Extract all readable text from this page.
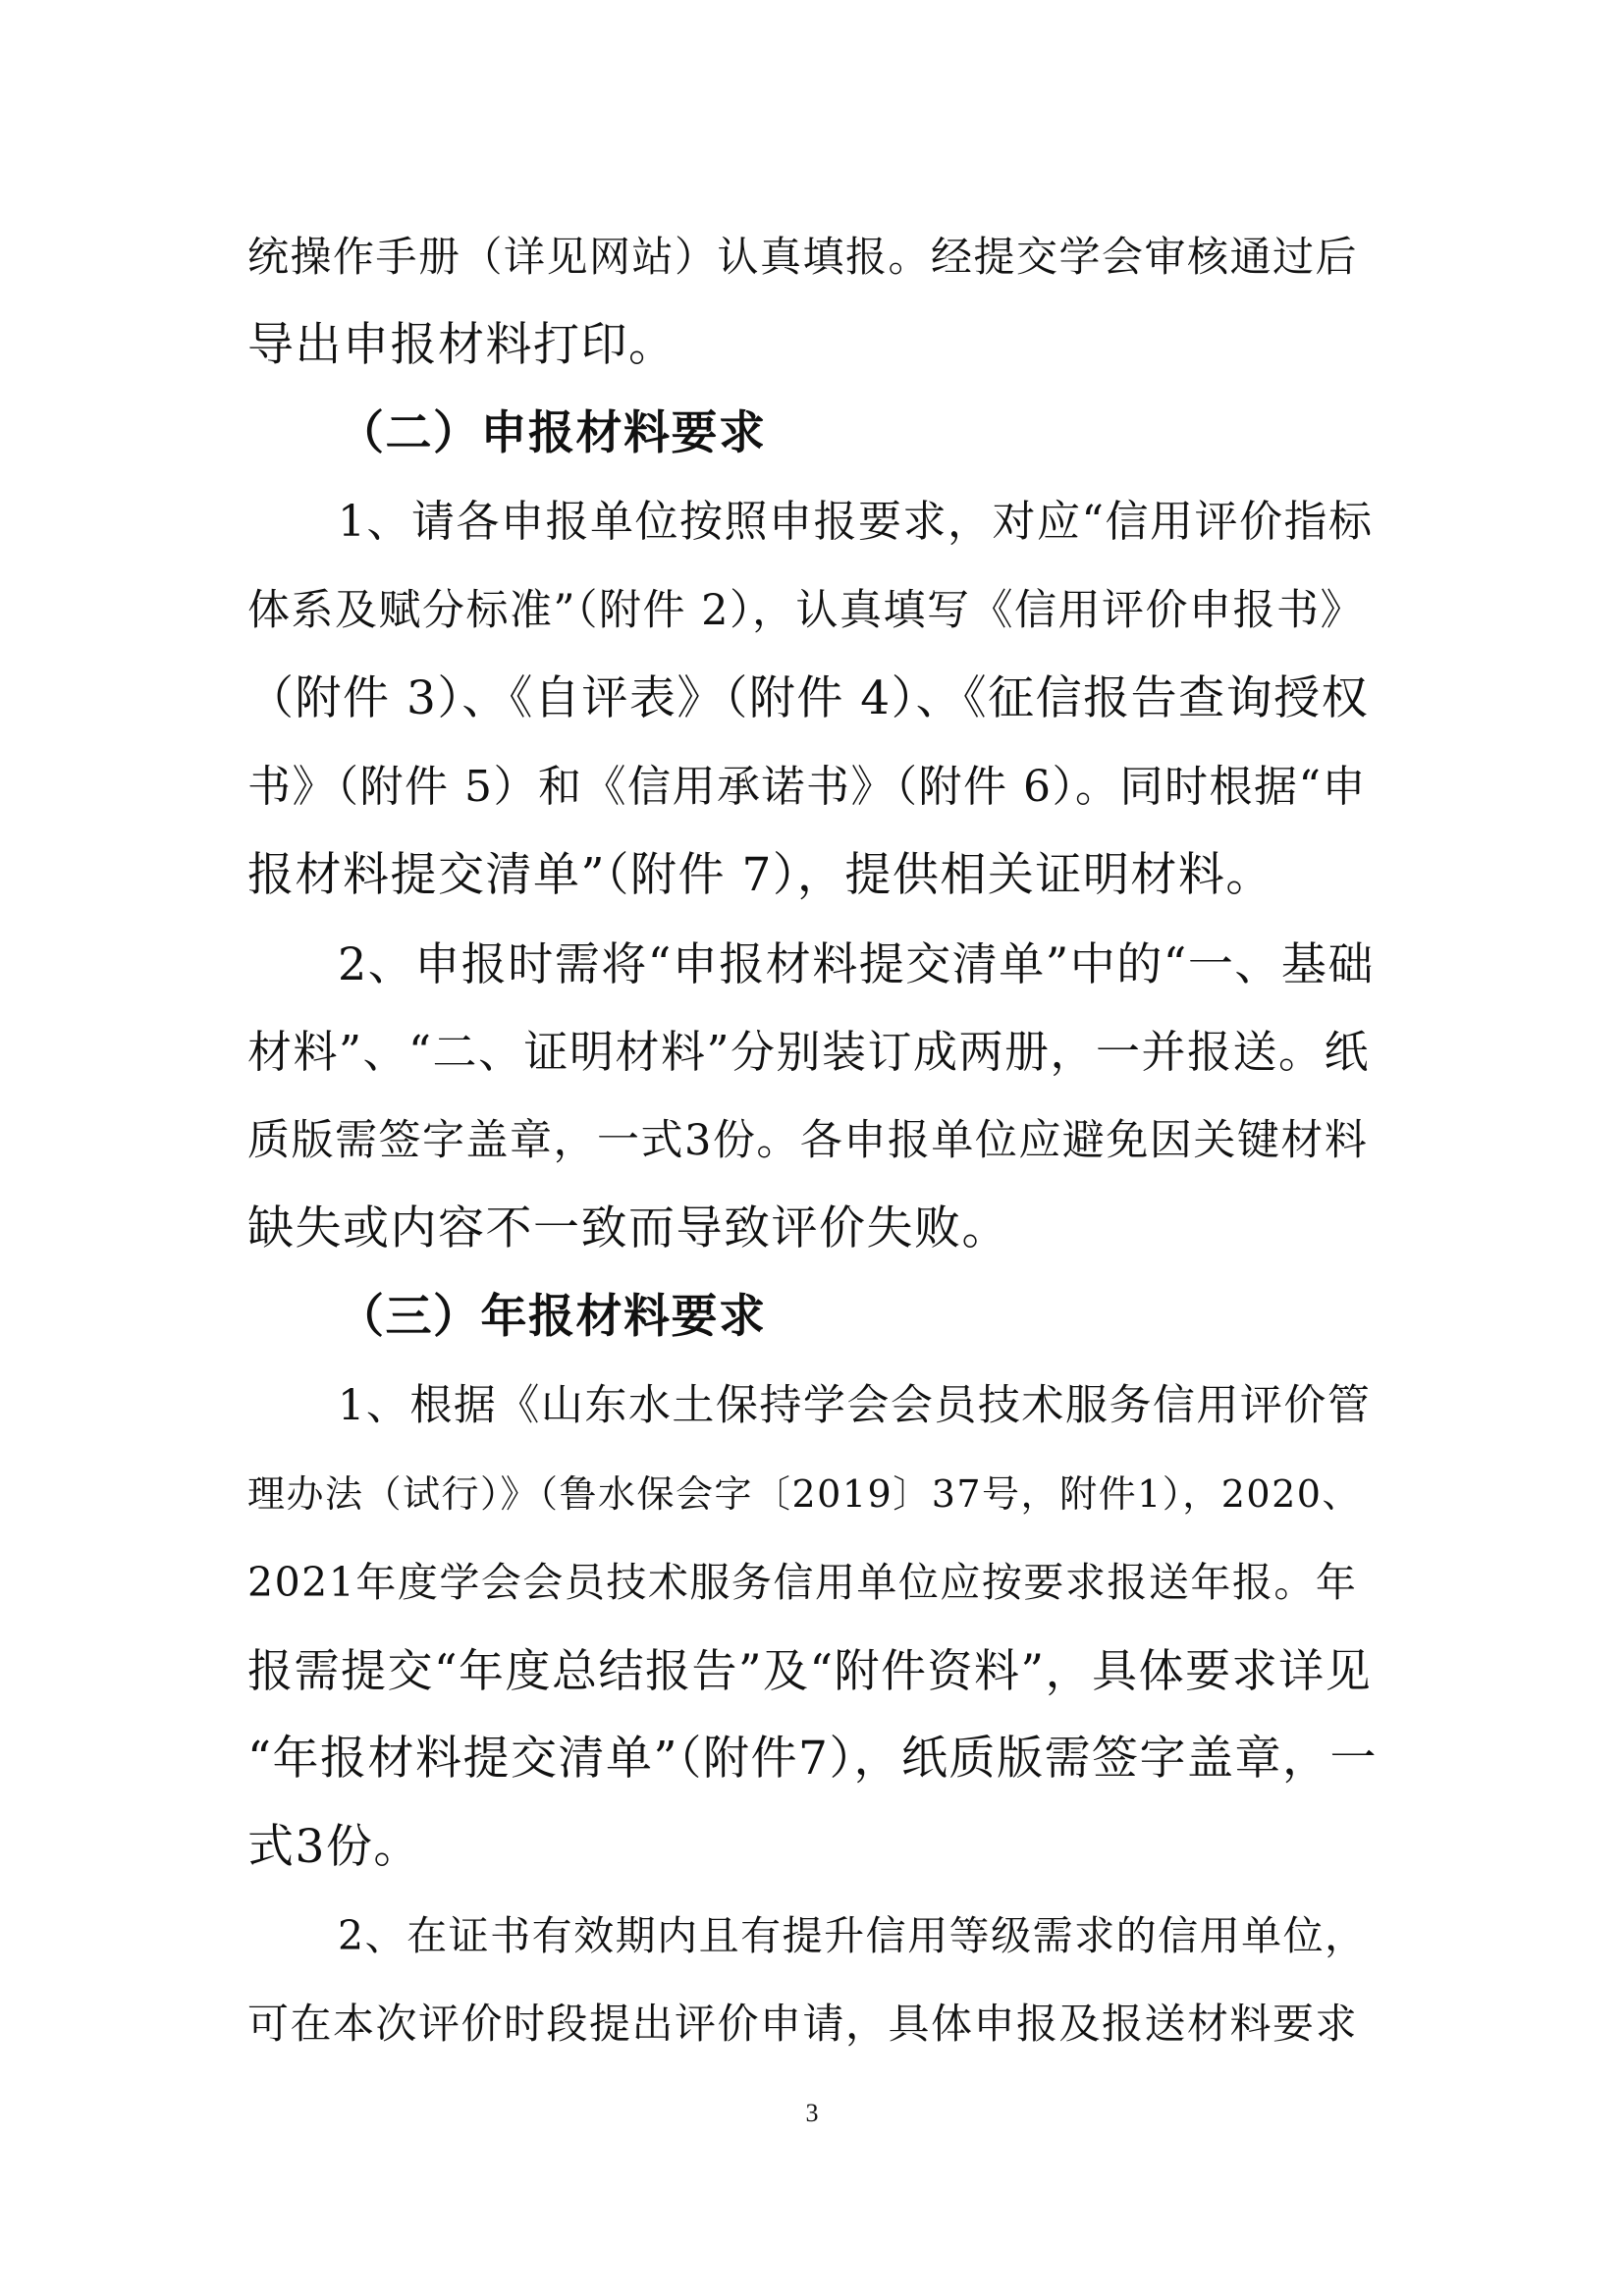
统操作手册（详见网站）认真填报。经提交学会审核通过后
导出申报材料打印。
（二）申报材料要求
1、请各申报单位按照申报要求，对应“信用评价指标
体系及赋分标准”（附件 2），认真填写《信用评价申报书》
（附件 3）、《自评表》（附件 4）、《征信报告查询授权
书》（附件 5）和《信用承诺书》（附件 6）。同时根据“申
报材料提交清单”（附件 7），提供相关证明材料。
2、申报时需将“申报材料提交清单”中的“一、基础
材料”、“二、证明材料”分别装订成两册，一并报送。纸
质版需签字盖章，一式3份。各申报单位应避免因关键材料
缺失或内容不一致而导致评价失败。
（三）年报材料要求
1、根据《山东水土保持学会会员技术服务信用评价管
理办法（试行）》（鲁水保会字〔2019〕37号，附件1），2020、
2021年度学会会员技术服务信用单位应按要求报送年报。年
报需提交“年度总结报告”及“附件资料”，具体要求详见
“年报材料提交清单”（附件7），纸质版需签字盖章，一
式3份。
2、在证书有效期内且有提升信用等级需求的信用单位，
可在本次评价时段提出评价申请，具体申报及报送材料要求
3
